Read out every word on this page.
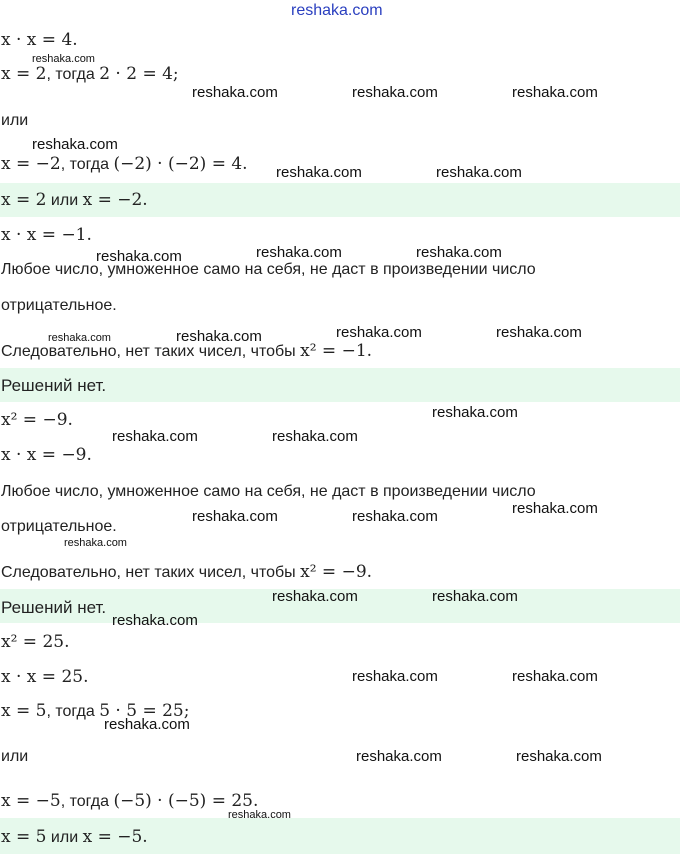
reshaka.com
x · x = 4.
x = 2, тогда 2 · 2 = 4;
или
x = −2, тогда (−2) · (−2) = 4.
x = 2 или x = −2.
x · x = −1.
Любое число, умноженное само на себя, не даст в произведении число
отрицательное.
Следовательно, нет таких чисел, чтобы x² = −1.
Решений нет.
x² = −9.
x · x = −9.
Любое число, умноженное само на себя, не даст в произведении число
отрицательное.
Следовательно, нет таких чисел, чтобы x² = −9.
Решений нет.
x² = 25.
x · x = 25.
x = 5, тогда 5 · 5 = 25;
или
x = −5, тогда (−5) · (−5) = 25.
x = 5 или x = −5.
reshaka.com
reshaka.com	reshaka.com	reshaka.com
reshaka.com
reshaka.com	reshaka.com
reshaka.com	reshaka.com	reshaka.com
reshaka.com	reshaka.com	reshaka.com	reshaka.com
reshaka.com
reshaka.com	reshaka.com
reshaka.com
reshaka.com	reshaka.com
reshaka.com
reshaka.com	reshaka.com
reshaka.com
reshaka.com	reshaka.com
reshaka.com
reshaka.com	reshaka.com
reshaka.com
